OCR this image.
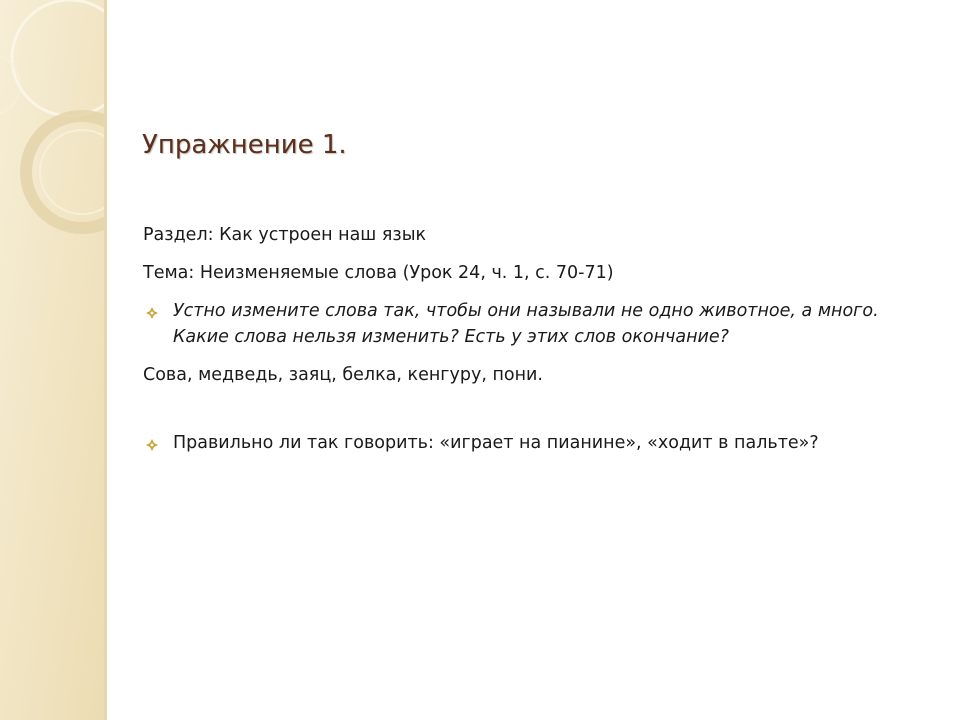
Упражнение 1.

Раздел: Как устроен наш язык

Тема: Неизменяемые слова (Урок 24, ч. 1, с. 70-71)

Устно измените слова так, чтобы они называли не одно животное, а много. Какие слова нельзя изменить? Есть у этих слов окончание?

Сова, медведь, заяц, белка, кенгуру, пони.

Правильно ли так говорить: «играет на пианине», «ходит в пальте»?
